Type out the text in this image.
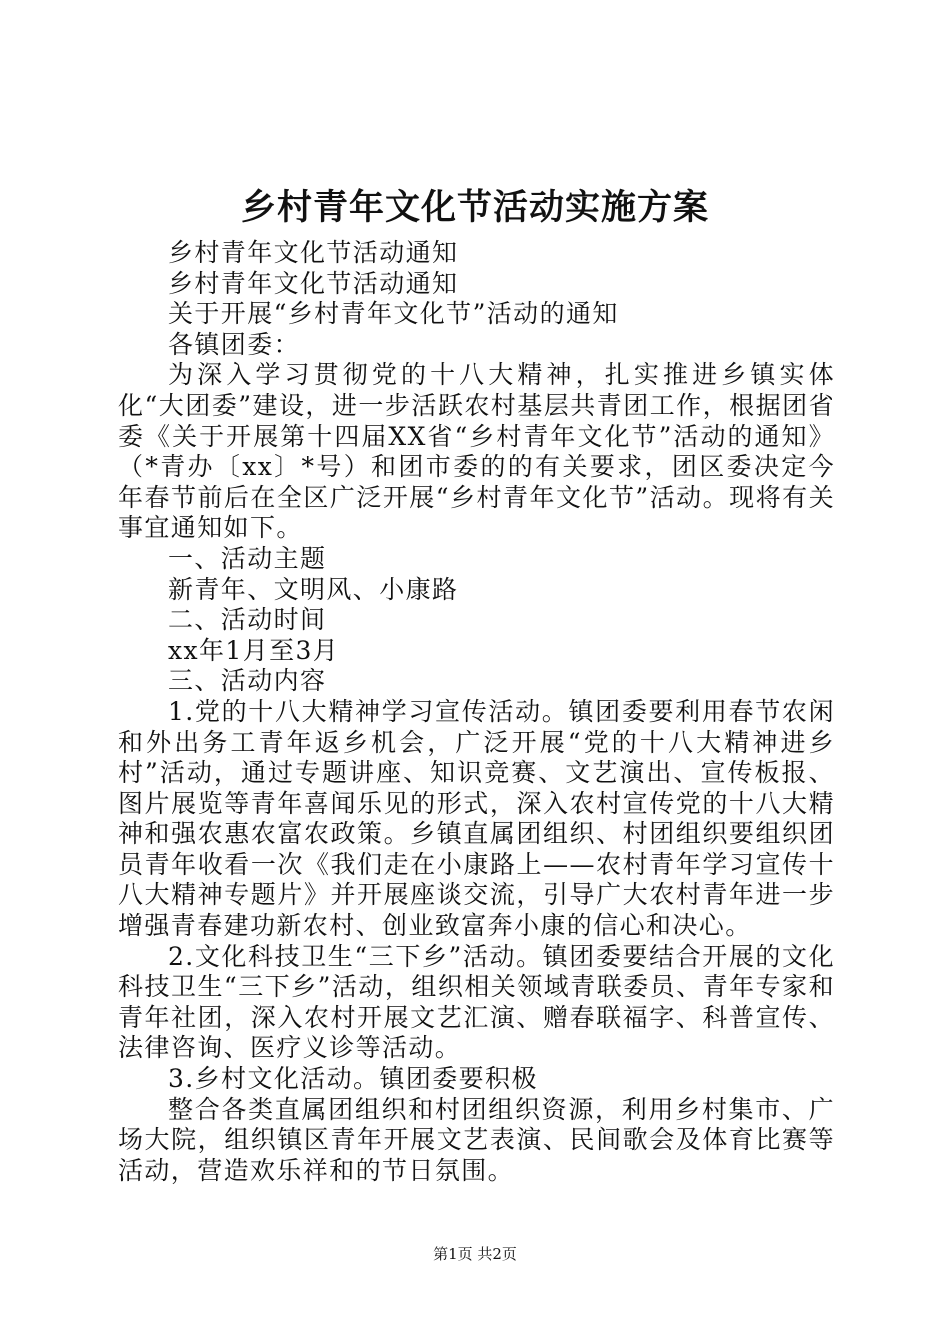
乡村青年文化节活动实施方案

乡村青年文化节活动通知

乡村青年文化节活动通知

关于开展“乡村青年文化节”活动的通知

各镇团委：

为深入学习贯彻党的十八大精神，扎实推进乡镇实体化“大团委”建设，进一步活跃农村基层共青团工作，根据团省委《关于开展第十四届XX省“乡村青年文化节”活动的通知》（*青办〔xx〕*号）和团市委的的有关要求，团区委决定今年春节前后在全区广泛开展“乡村青年文化节”活动。现将有关事宜通知如下。

一、活动主题

新青年、文明风、小康路

二、活动时间

xx年1月至3月

三、活动内容

1.党的十八大精神学习宣传活动。镇团委要利用春节农闲和外出务工青年返乡机会，广泛开展“党的十八大精神进乡村”活动，通过专题讲座、知识竞赛、文艺演出、宣传板报、图片展览等青年喜闻乐见的形式，深入农村宣传党的十八大精神和强农惠农富农政策。乡镇直属团组织、村团组织要组织团员青年收看一次《我们走在小康路上——农村青年学习宣传十八大精神专题片》并开展座谈交流，引导广大农村青年进一步增强青春建功新农村、创业致富奔小康的信心和决心。

2.文化科技卫生“三下乡”活动。镇团委要结合开展的文化科技卫生“三下乡”活动，组织相关领域青联委员、青年专家和青年社团，深入农村开展文艺汇演、赠春联福字、科普宣传、法律咨询、医疗义诊等活动。

3.乡村文化活动。镇团委要积极

整合各类直属团组织和村团组织资源，利用乡村集市、广场大院，组织镇区青年开展文艺表演、民间歌会及体育比赛等活动，营造欢乐祥和的节日氛围。

第1页 共2页
